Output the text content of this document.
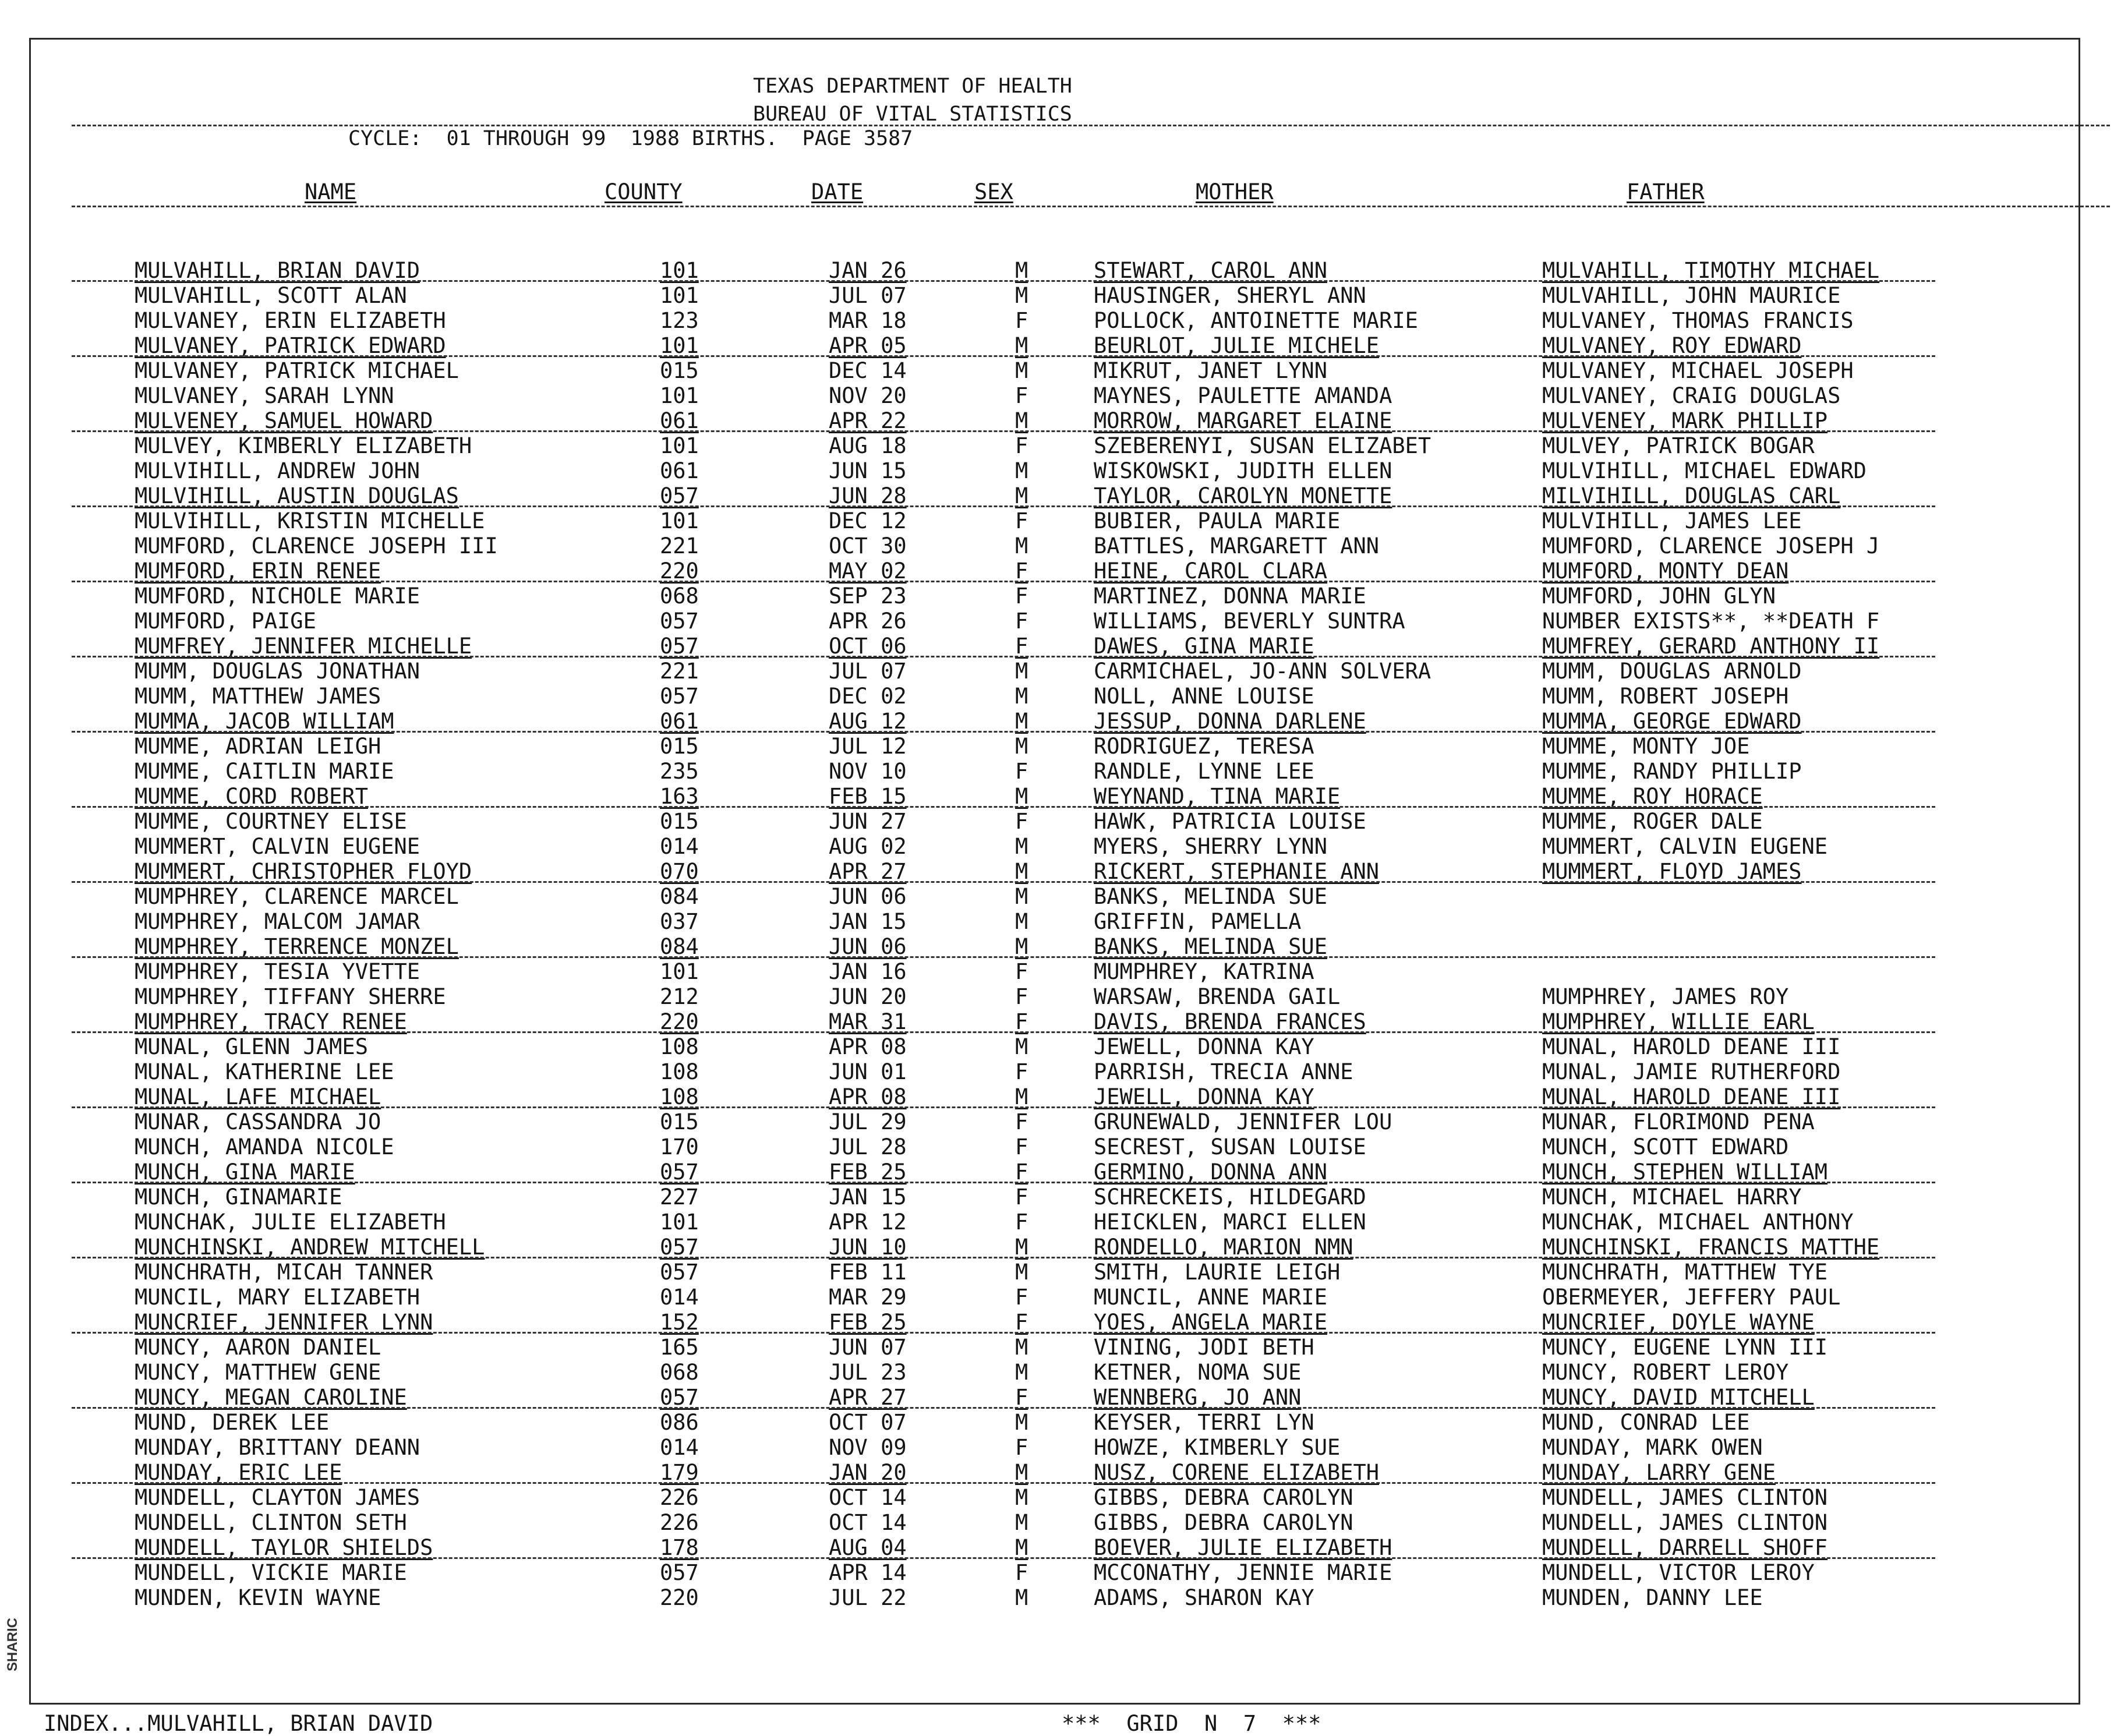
SHARIC
TEXAS DEPARTMENT OF HEALTH
BUREAU OF VITAL STATISTICS
CYCLE:  01 THROUGH 99  1988 BIRTHS.  PAGE 3587
NAME	COUNTY	DATE	SEX	MOTHER	FATHER
MULVAHILL, BRIAN DAVID	101	JAN 26	M	STEWART, CAROL ANN	MULVAHILL, TIMOTHY MICHAEL
MULVAHILL, SCOTT ALAN	101	JUL 07	M	HAUSINGER, SHERYL ANN	MULVAHILL, JOHN MAURICE
MULVANEY, ERIN ELIZABETH	123	MAR 18	F	POLLOCK, ANTOINETTE MARIE	MULVANEY, THOMAS FRANCIS
MULVANEY, PATRICK EDWARD	101	APR 05	M	BEURLOT, JULIE MICHELE	MULVANEY, ROY EDWARD
MULVANEY, PATRICK MICHAEL	015	DEC 14	M	MIKRUT, JANET LYNN	MULVANEY, MICHAEL JOSEPH
MULVANEY, SARAH LYNN	101	NOV 20	F	MAYNES, PAULETTE AMANDA	MULVANEY, CRAIG DOUGLAS
MULVENEY, SAMUEL HOWARD	061	APR 22	M	MORROW, MARGARET ELAINE	MULVENEY, MARK PHILLIP
MULVEY, KIMBERLY ELIZABETH	101	AUG 18	F	SZEBERENYI, SUSAN ELIZABET	MULVEY, PATRICK BOGAR
MULVIHILL, ANDREW JOHN	061	JUN 15	M	WISKOWSKI, JUDITH ELLEN	MULVIHILL, MICHAEL EDWARD
MULVIHILL, AUSTIN DOUGLAS	057	JUN 28	M	TAYLOR, CAROLYN MONETTE	MILVIHILL, DOUGLAS CARL
MULVIHILL, KRISTIN MICHELLE	101	DEC 12	F	BUBIER, PAULA MARIE	MULVIHILL, JAMES LEE
MUMFORD, CLARENCE JOSEPH III	221	OCT 30	M	BATTLES, MARGARETT ANN	MUMFORD, CLARENCE JOSEPH J
MUMFORD, ERIN RENEE	220	MAY 02	F	HEINE, CAROL CLARA	MUMFORD, MONTY DEAN
MUMFORD, NICHOLE MARIE	068	SEP 23	F	MARTINEZ, DONNA MARIE	MUMFORD, JOHN GLYN
MUMFORD, PAIGE	057	APR 26	F	WILLIAMS, BEVERLY SUNTRA	NUMBER EXISTS**, **DEATH F
MUMFREY, JENNIFER MICHELLE	057	OCT 06	F	DAWES, GINA MARIE	MUMFREY, GERARD ANTHONY II
MUMM, DOUGLAS JONATHAN	221	JUL 07	M	CARMICHAEL, JO-ANN SOLVERA	MUMM, DOUGLAS ARNOLD
MUMM, MATTHEW JAMES	057	DEC 02	M	NOLL, ANNE LOUISE	MUMM, ROBERT JOSEPH
MUMMA, JACOB WILLIAM	061	AUG 12	M	JESSUP, DONNA DARLENE	MUMMA, GEORGE EDWARD
MUMME, ADRIAN LEIGH	015	JUL 12	M	RODRIGUEZ, TERESA	MUMME, MONTY JOE
MUMME, CAITLIN MARIE	235	NOV 10	F	RANDLE, LYNNE LEE	MUMME, RANDY PHILLIP
MUMME, CORD ROBERT	163	FEB 15	M	WEYNAND, TINA MARIE	MUMME, ROY HORACE
MUMME, COURTNEY ELISE	015	JUN 27	F	HAWK, PATRICIA LOUISE	MUMME, ROGER DALE
MUMMERT, CALVIN EUGENE	014	AUG 02	M	MYERS, SHERRY LYNN	MUMMERT, CALVIN EUGENE
MUMMERT, CHRISTOPHER FLOYD	070	APR 27	M	RICKERT, STEPHANIE ANN	MUMMERT, FLOYD JAMES
MUMPHREY, CLARENCE MARCEL	084	JUN 06	M	BANKS, MELINDA SUE
MUMPHREY, MALCOM JAMAR	037	JAN 15	M	GRIFFIN, PAMELLA
MUMPHREY, TERRENCE MONZEL	084	JUN 06	M	BANKS, MELINDA SUE
MUMPHREY, TESIA YVETTE	101	JAN 16	F	MUMPHREY, KATRINA
MUMPHREY, TIFFANY SHERRE	212	JUN 20	F	WARSAW, BRENDA GAIL	MUMPHREY, JAMES ROY
MUMPHREY, TRACY RENEE	220	MAR 31	F	DAVIS, BRENDA FRANCES	MUMPHREY, WILLIE EARL
MUNAL, GLENN JAMES	108	APR 08	M	JEWELL, DONNA KAY	MUNAL, HAROLD DEANE III
MUNAL, KATHERINE LEE	108	JUN 01	F	PARRISH, TRECIA ANNE	MUNAL, JAMIE RUTHERFORD
MUNAL, LAFE MICHAEL	108	APR 08	M	JEWELL, DONNA KAY	MUNAL, HAROLD DEANE III
MUNAR, CASSANDRA JO	015	JUL 29	F	GRUNEWALD, JENNIFER LOU	MUNAR, FLORIMOND PENA
MUNCH, AMANDA NICOLE	170	JUL 28	F	SECREST, SUSAN LOUISE	MUNCH, SCOTT EDWARD
MUNCH, GINA MARIE	057	FEB 25	F	GERMINO, DONNA ANN	MUNCH, STEPHEN WILLIAM
MUNCH, GINAMARIE	227	JAN 15	F	SCHRECKEIS, HILDEGARD	MUNCH, MICHAEL HARRY
MUNCHAK, JULIE ELIZABETH	101	APR 12	F	HEICKLEN, MARCI ELLEN	MUNCHAK, MICHAEL ANTHONY
MUNCHINSKI, ANDREW MITCHELL	057	JUN 10	M	RONDELLO, MARION NMN	MUNCHINSKI, FRANCIS MATTHE
MUNCHRATH, MICAH TANNER	057	FEB 11	M	SMITH, LAURIE LEIGH	MUNCHRATH, MATTHEW TYE
MUNCIL, MARY ELIZABETH	014	MAR 29	F	MUNCIL, ANNE MARIE	OBERMEYER, JEFFERY PAUL
MUNCRIEF, JENNIFER LYNN	152	FEB 25	F	YOES, ANGELA MARIE	MUNCRIEF, DOYLE WAYNE
MUNCY, AARON DANIEL	165	JUN 07	M	VINING, JODI BETH	MUNCY, EUGENE LYNN III
MUNCY, MATTHEW GENE	068	JUL 23	M	KETNER, NOMA SUE	MUNCY, ROBERT LEROY
MUNCY, MEGAN CAROLINE	057	APR 27	F	WENNBERG, JO ANN	MUNCY, DAVID MITCHELL
MUND, DEREK LEE	086	OCT 07	M	KEYSER, TERRI LYN	MUND, CONRAD LEE
MUNDAY, BRITTANY DEANN	014	NOV 09	F	HOWZE, KIMBERLY SUE	MUNDAY, MARK OWEN
MUNDAY, ERIC LEE	179	JAN 20	M	NUSZ, CORENE ELIZABETH	MUNDAY, LARRY GENE
MUNDELL, CLAYTON JAMES	226	OCT 14	M	GIBBS, DEBRA CAROLYN	MUNDELL, JAMES CLINTON
MUNDELL, CLINTON SETH	226	OCT 14	M	GIBBS, DEBRA CAROLYN	MUNDELL, JAMES CLINTON
MUNDELL, TAYLOR SHIELDS	178	AUG 04	M	BOEVER, JULIE ELIZABETH	MUNDELL, DARRELL SHOFF
MUNDELL, VICKIE MARIE	057	APR 14	F	MCCONATHY, JENNIE MARIE	MUNDELL, VICTOR LEROY
MUNDEN, KEVIN WAYNE	220	JUL 22	M	ADAMS, SHARON KAY	MUNDEN, DANNY LEE
INDEX...MULVAHILL, BRIAN DAVID	***  GRID  N  7  ***
